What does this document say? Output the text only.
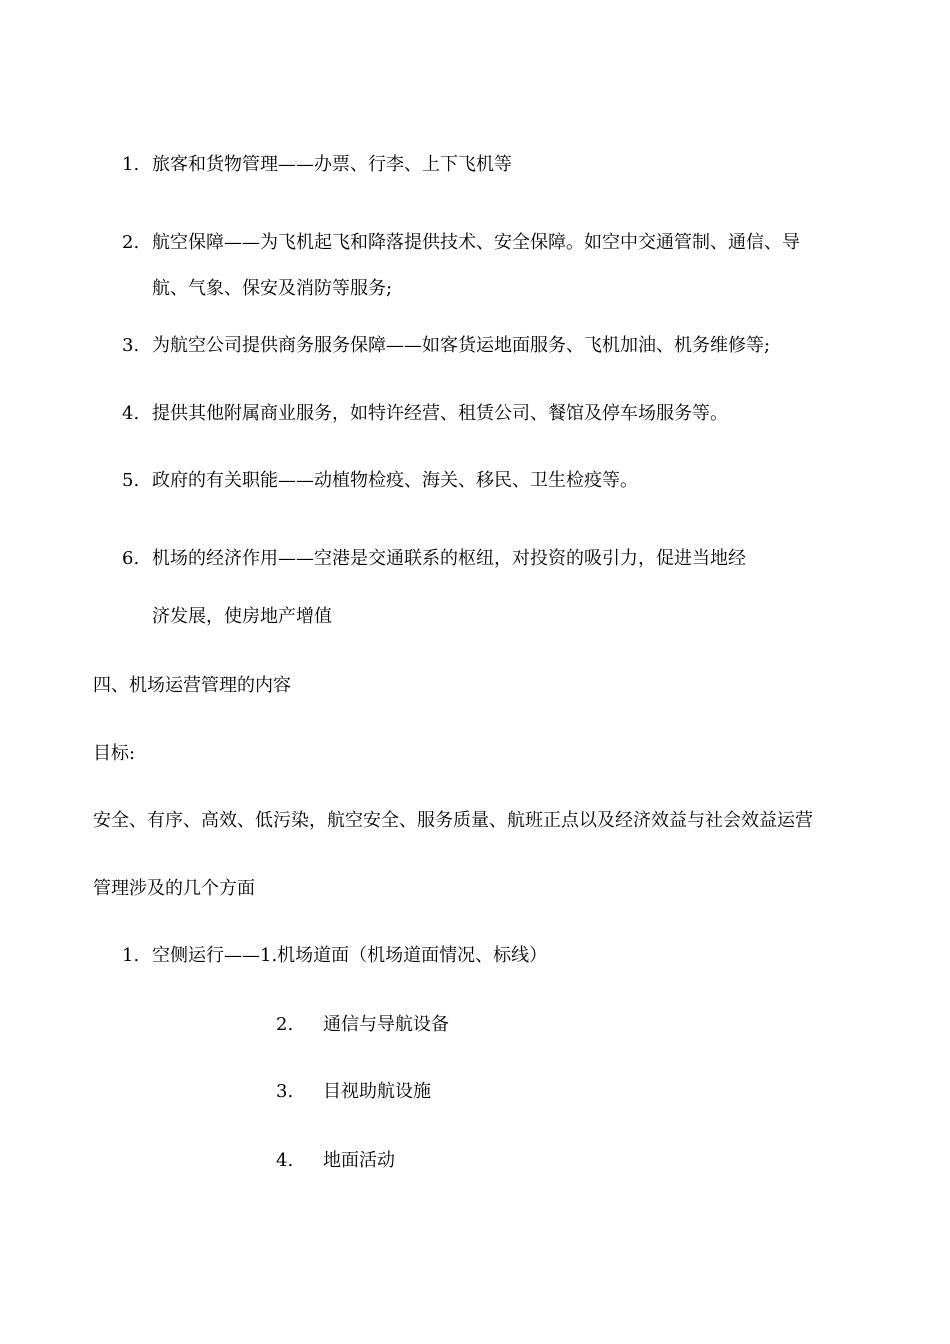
1. 旅客和货物管理——办票、行李、上下飞机等
2. 航空保障——为飞机起飞和降落提供技术、安全保障。如空中交通管制、通信、导
航、气象、保安及消防等服务;
3. 为航空公司提供商务服务保障——如客货运地面服务、飞机加油、机务维修等;
4. 提供其他附属商业服务，如特许经营、租赁公司、餐馆及停车场服务等。
5. 政府的有关职能——动植物检疫、海关、移民、卫生检疫等。
6. 机场的经济作用——空港是交通联系的枢纽，对投资的吸引力，促进当地经
济发展，使房地产增值
四、机场运营管理的内容
目标:
安全、有序、高效、低污染，航空安全、服务质量、航班正点以及经济效益与社会效益运营
管理涉及的几个方面
1. 空侧运行——1.机场道面（机场道面情况、标线）
2. 通信与导航设备
3. 目视助航设施
4. 地面活动
